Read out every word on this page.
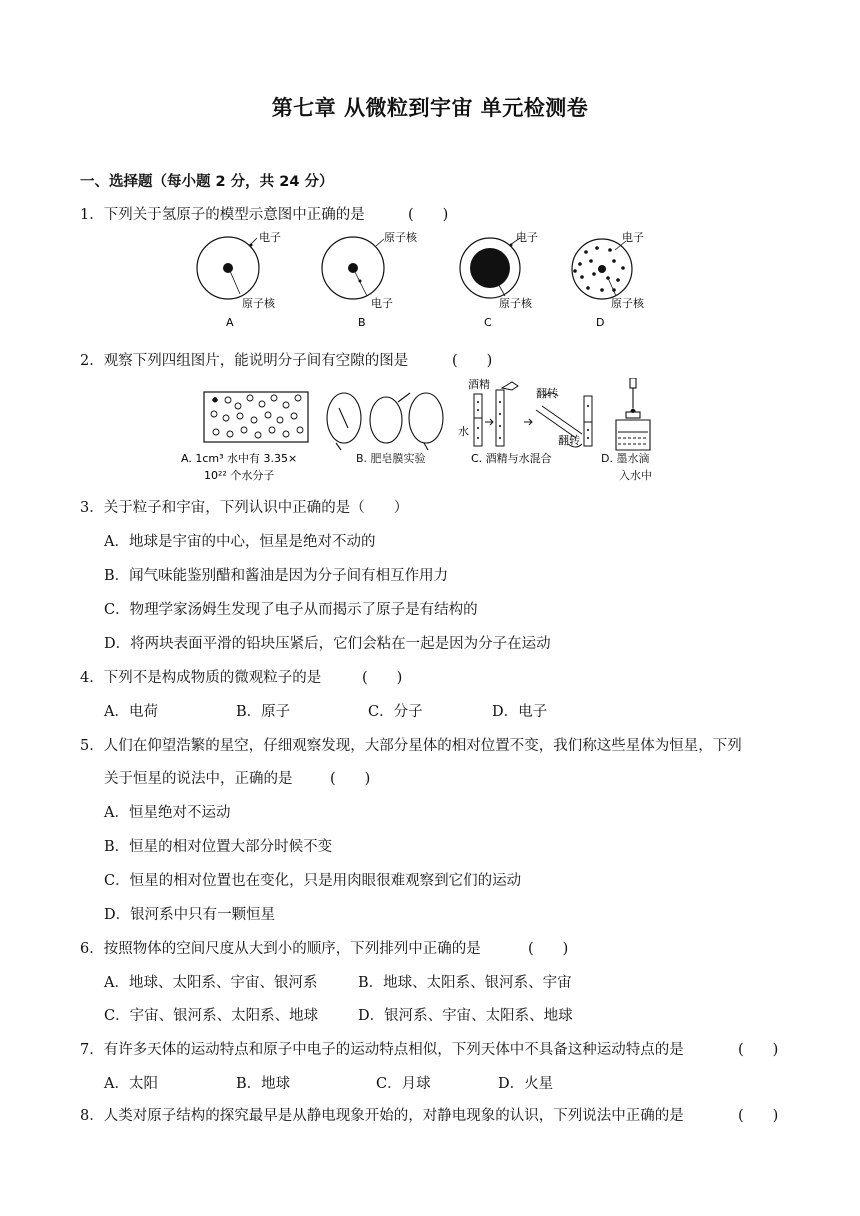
第七章 从微粒到宇宙 单元检测卷
一、选择题（每小题 2 分，共 24 分）
1．下列关于氢原子的模型示意图中正确的是	(　　)
电子
原子核
A
原子核
电子
B
电子
原子核
C
电子
原子核
D
2．观察下列四组图片，能说明分子间有空隙的图是	(　　)
A. 1cm³ 水中有 3.35×
10²² 个水分子
B. 肥皂膜实验
酒精
水
翻转
翻转
C. 酒精与水混合	D. 墨水滴
入水中
3．关于粒子和宇宙，下列认识中正确的是（　　）
A．地球是宇宙的中心，恒星是绝对不动的
B．闻气味能鉴别醋和酱油是因为分子间有相互作用力
C．物理学家汤姆生发现了电子从而揭示了原子是有结构的
D．将两块表面平滑的铅块压紧后，它们会粘在一起是因为分子在运动
4．下列不是构成物质的微观粒子的是	(　　)
A．电荷	B．原子	C．分子	D．电子
5．人们在仰望浩繁的星空，仔细观察发现，大部分星体的相对位置不变，我们称这些星体为恒星，下列
关于恒星的说法中，正确的是	(　　)
A．恒星绝对不运动
B．恒星的相对位置大部分时候不变
C．恒星的相对位置也在变化，只是用肉眼很难观察到它们的运动
D．银河系中只有一颗恒星
6．按照物体的空间尺度从大到小的顺序，下列排列中正确的是	(　　)
A．地球、太阳系、宇宙、银河系	B．地球、太阳系、银河系、宇宙
C．宇宙、银河系、太阳系、地球	D．银河系、宇宙、太阳系、地球
7．有许多天体的运动特点和原子中电子的运动特点相似，下列天体中不具备这种运动特点的是	(　　)
A．太阳	B．地球	C．月球	D．火星
8．人类对原子结构的探究最早是从静电现象开始的，对静电现象的认识，下列说法中正确的是	(　　)
